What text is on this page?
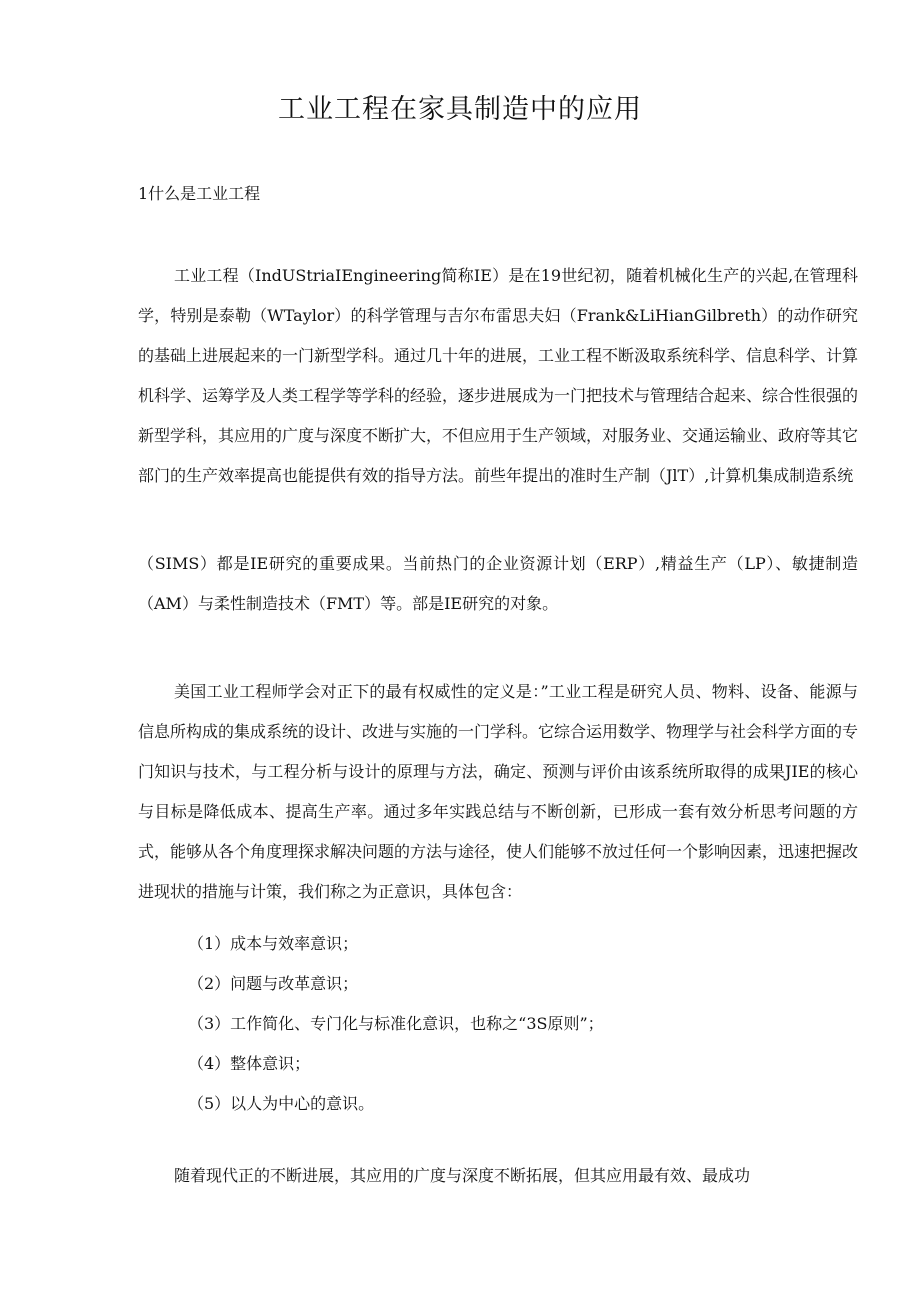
工业工程在家具制造中的应用

1什么是工业工程

工业工程（IndUStriaIEngineering简称IE）是在19世纪初，随着机械化生产的兴起,在管理科学，特别是泰勒（WTaylor）的科学管理与吉尔布雷思夫妇（Frank&LiHianGilbreth）的动作研究的基础上进展起来的一门新型学科。通过几十年的进展，工业工程不断汲取系统科学、信息科学、计算机科学、运筹学及人类工程学等学科的经验，逐步进展成为一门把技术与管理结合起来、综合性很强的新型学科，其应用的广度与深度不断扩大，不但应用于生产领域，对服务业、交通运输业、政府等其它部门的生产效率提高也能提供有效的指导方法。前些年提出的准时生产制（JlT）,计算机集成制造系统

（SIMS）都是IE研究的重要成果。当前热门的企业资源计划（ERP）,精益生产（LP）、敏捷制造（AM）与柔性制造技术（FMT）等。部是IE研究的对象。

美国工业工程师学会对正下的最有权威性的定义是：”工业工程是研究人员、物料、设备、能源与信息所构成的集成系统的设计、改进与实施的一门学科。它综合运用数学、物理学与社会科学方面的专门知识与技术，与工程分析与设计的原理与方法，确定、预测与评价由该系统所取得的成果JIE的核心与目标是降低成本、提高生产率。通过多年实践总结与不断创新，已形成一套有效分析思考问题的方式，能够从各个角度理探求解决问题的方法与途径，使人们能够不放过任何一个影响因素，迅速把握改进现状的措施与计策，我们称之为正意识，具体包含：

（1）成本与效率意识；
（2）问题与改革意识；
（3）工作简化、专门化与标准化意识，也称之“3S原则”；
（4）整体意识；
（5）以人为中心的意识。

随着现代正的不断进展，其应用的广度与深度不断拓展，但其应用最有效、最成功
